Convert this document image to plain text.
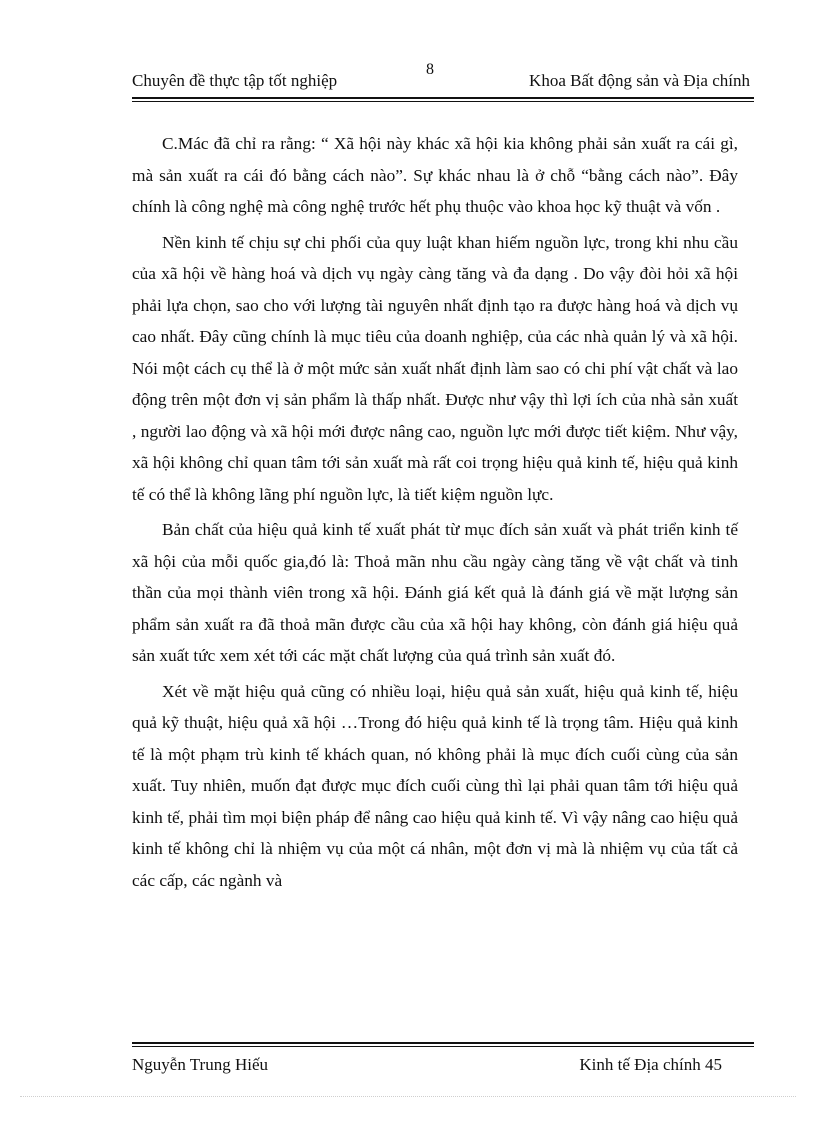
Chuyên đề thực tập tốt nghiệp
8
Khoa Bất động sản và Địa chính

C.Mác đã chỉ ra rằng: “ Xã hội này khác xã hội kia không phải sản xuất ra cái gì, mà sản xuất ra cái đó bằng cách nào”. Sự khác nhau là ở chỗ “bằng cách nào”. Đây chính là công nghệ mà công nghệ trước hết phụ thuộc vào khoa học kỹ thuật và vốn .

Nền kinh tế chịu sự chi phối của quy luật khan hiếm nguồn lực, trong khi nhu cầu của xã hội về hàng hoá và dịch vụ ngày càng tăng và đa dạng . Do vậy đòi hỏi xã hội phải lựa chọn, sao cho với lượng tài nguyên nhất định tạo ra được hàng hoá và dịch vụ cao nhất. Đây cũng chính là mục tiêu của doanh nghiệp, của các nhà quản lý và xã hội. Nói một cách cụ thể là ở một mức sản xuất nhất định làm sao có chi phí vật chất và lao động trên một đơn vị sản phẩm là thấp nhất. Được như vậy thì lợi ích của nhà sản xuất , người lao động và xã hội mới được nâng cao, nguồn lực mới được tiết kiệm. Như vậy, xã hội không chỉ quan tâm tới sản xuất mà rất coi trọng hiệu quả kinh tế, hiệu quả kinh tế có thể là không lãng phí nguồn lực, là tiết kiệm nguồn lực.

Bản chất của hiệu quả kinh tế xuất phát từ mục đích sản xuất và phát triển kinh tế xã hội của mỗi quốc gia,đó là: Thoả mãn nhu cầu ngày càng tăng về vật chất và tinh thần của mọi thành viên trong xã hội. Đánh giá kết quả là đánh giá về mặt lượng sản phẩm sản xuất ra đã thoả mãn được cầu của xã hội hay không, còn đánh giá hiệu quả sản xuất tức xem xét tới các mặt chất lượng của quá trình sản xuất đó.

Xét về mặt hiệu quả cũng có nhiều loại, hiệu quả sản xuất, hiệu quả kinh tế, hiệu quả kỹ thuật, hiệu quả xã hội …Trong đó hiệu quả kinh tế là trọng tâm. Hiệu quả kinh tế là một phạm trù kinh tế khách quan, nó không phải là mục đích cuối cùng của sản xuất. Tuy nhiên, muốn đạt được mục đích cuối cùng thì lại phải quan tâm tới hiệu quả kinh tế, phải tìm mọi biện pháp để nâng cao hiệu quả kinh tế. Vì vậy nâng cao hiệu quả kinh tế không chỉ là nhiệm vụ của một cá nhân, một đơn vị mà là nhiệm vụ của tất cả các cấp, các ngành và

Nguyễn Trung Hiếu	Kinh tế Địa chính 45
